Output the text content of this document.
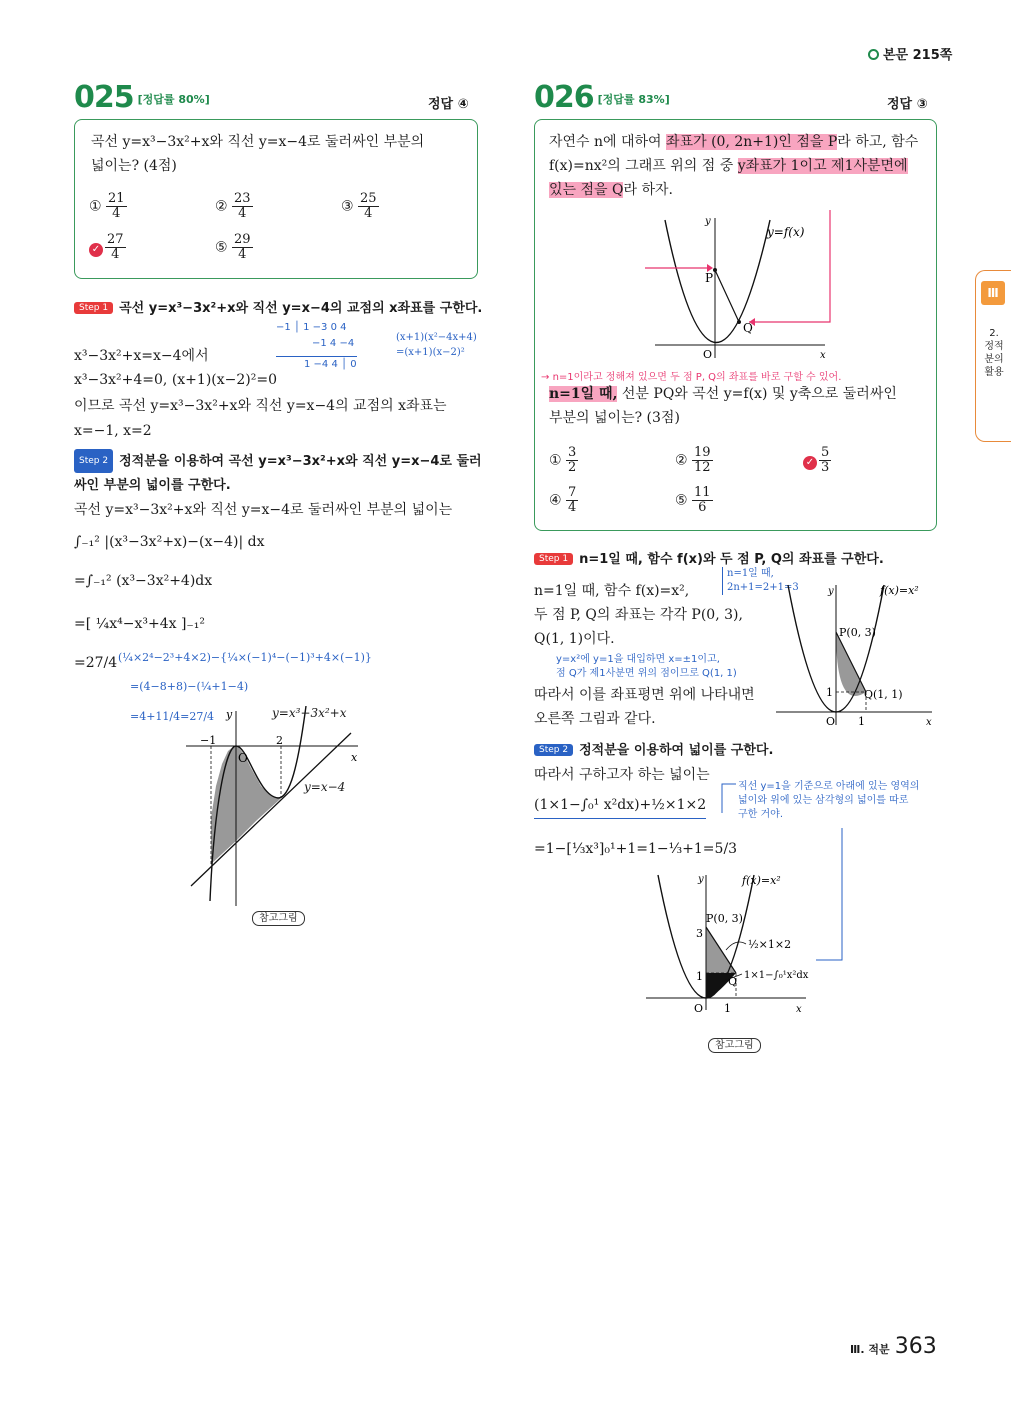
본문 215쪽
Ⅲ
2. 정적분의 활용
025 [정답률 80%]	정답 ④
곡선 y=x³−3x²+x와 직선 y=x−4로 둘러싸인 부분의
넓이는? (4점)
① $\frac{21}{4}$	② $\frac{23}{4}$	③ $\frac{25}{4}$
✓ $\frac{27}{4}$	⑤ $\frac{29}{4}$
Step 1 곡선 y=x³−3x²+x와 직선 y=x−4의 교점의 x좌표를 구한다.
−1 │ 1 −3 0 4
−1 4 −4
1 −4 4 │ 0
(x+1)(x²−4x+4)
=(x+1)(x−2)²
x³−3x²+x=x−4에서
x³−3x²+4=0, (x+1)(x−2)²=0
이므로 곡선 y=x³−3x²+x와 직선 y=x−4의 교점의 x좌표는
x=−1, x=2
Step 2 정적분을 이용하여 곡선 y=x³−3x²+x와 직선 y=x−4로 둘러싸인 부분의 넓이를 구한다.
곡선 y=x³−3x²+x와 직선 y=x−4로 둘러싸인 부분의 넓이는
∫₋₁² |(x³−3x²+x)−(x−4)| dx
=∫₋₁² (x³−3x²+4)dx
=[ ¼x⁴−x³+4x ]₋₁²
=27/4 (¼×2⁴−2³+4×2)−{¼×(−1)⁴−(−1)³+4×(−1)}
=(4−8+8)−(¼+1−4)
=4+11/4=27/4 y
x
O
−1	2
y=x³−3x²+x
y=x−4
참고그림
026 [정답률 83%]	정답 ③
자연수 n에 대하여 좌표가 (0, 2n+1)인 점을 P라 하고, 함수
f(x)=nx²의 그래프 위의 점 중 y좌표가 1이고 제1사분면에
있는 점을 Q라 하자.
y
x
O
P
Q
y=f(x)
→ n=1이라고 정해져 있으면 두 점 P, Q의 좌표를 바로 구할 수 있어.
n=1일 때, 선분 PQ와 곡선 y=f(x) 및 y축으로 둘러싸인
부분의 넓이는? (3점)
① $\frac{3}{2}$	② $\frac{19}{12}$	✓ $\frac{5}{3}$
④ $\frac{7}{4}$	⑤ $\frac{11}{6}$
Step 1 n=1일 때, 함수 f(x)와 두 점 P, Q의 좌표를 구한다.
n=1일 때,
2n+1=2+1=3
n=1일 때, 함수 f(x)=x²,
두 점 P, Q의 좌표는 각각 P(0, 3),
Q(1, 1)이다.
y=x²에 y=1을 대입하면 x=±1이고,
점 Q가 제1사분면 위의 점이므로 Q(1, 1)
따라서 이를 좌표평면 위에 나타내면
오른쪽 그림과 같다.
y
x
O
1
1
P(0, 3)
Q(1, 1)
f(x)=x²
Step 2 정적분을 이용하여 넓이를 구한다.
따라서 구하고자 하는 넓이는
(1×1−∫₀¹ x²dx)+½×1×2
직선 y=1을 기준으로 아래에 있는 영역의
넓이와 위에 있는 삼각형의 넓이를 따로
구한 거야.
=1−[⅓x³]₀¹+1=1−⅓+1=5/3
y
x
O
3
1
1
P(0, 3)
Q
f(x)=x²
½×1×2
1×1−∫₀¹x²dx
참고그림
Ⅲ. 적분 363
